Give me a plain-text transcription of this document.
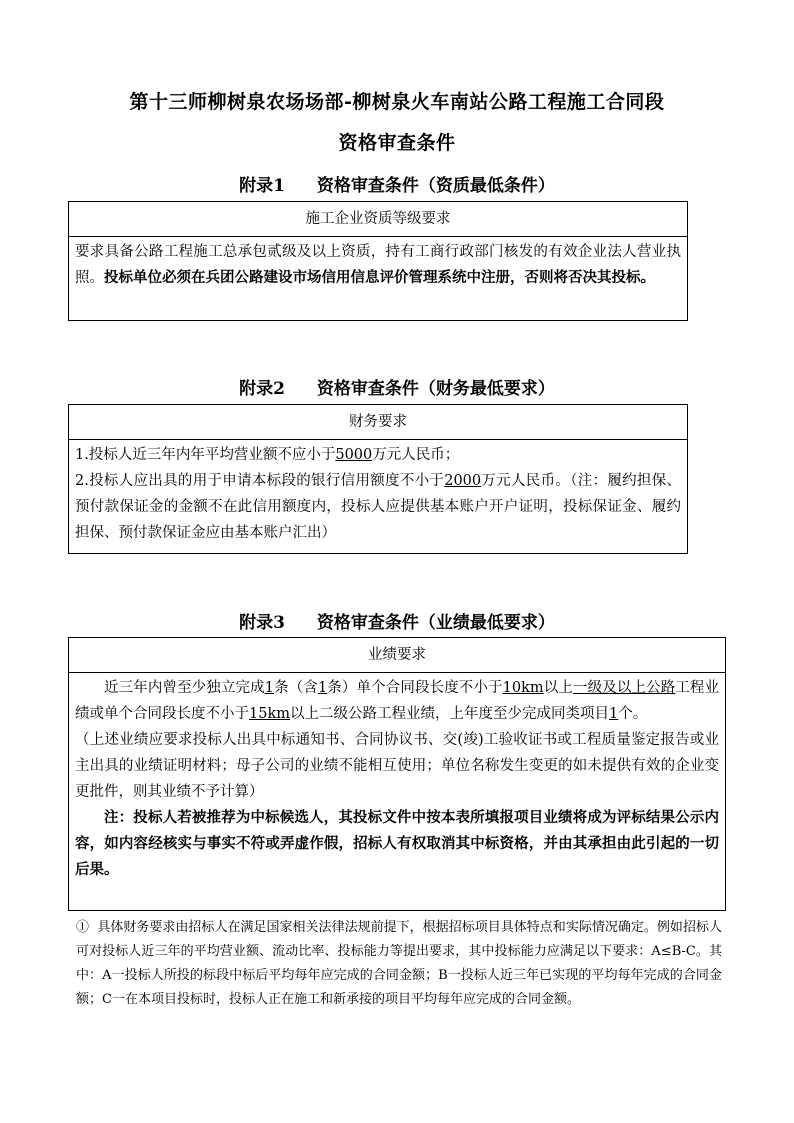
第十三师柳树泉农场场部-柳树泉火车南站公路工程施工合同段
资格审查条件
附录1 资格审查条件（资质最低条件）
施工企业资质等级要求
要求具备公路工程施工总承包贰级及以上资质，持有工商行政部门核发的有效企业法人营业执照。投标单位必须在兵团公路建设市场信用信息评价管理系统中注册，否则将否决其投标。
附录2 资格审查条件（财务最低要求）
财务要求

1.投标人近三年内年平均营业额不应小于5000万元人民币；

2.投标人应出具的用于申请本标段的银行信用额度不小于2000万元人民币。（注：履约担保、预付款保证金的金额不在此信用额度内，投标人应提供基本账户开户证明，投标保证金、履约担保、预付款保证金应由基本账户汇出）

附录3 资格审查条件（业绩最低要求）
业绩要求

近三年内曾至少独立完成1条（含1条）单个合同段长度不小于10km以上一级及以上公路工程业绩或单个合同段长度不小于15km以上二级公路工程业绩，上年度至少完成同类项目1个。

（上述业绩应要求投标人出具中标通知书、合同协议书、交(竣)工验收证书或工程质量鉴定报告或业主出具的业绩证明材料；母子公司的业绩不能相互使用；单位名称发生变更的如未提供有效的企业变更批件，则其业绩不予计算）

注：投标人若被推荐为中标候选人，其投标文件中按本表所填报项目业绩将成为评标结果公示内容，如内容经核实与事实不符或弄虚作假，招标人有权取消其中标资格，并由其承担由此引起的一切后果。

① 具体财务要求由招标人在满足国家相关法律法规前提下，根据招标项目具体特点和实际情况确定。例如招标人可对投标人近三年的平均营业额、流动比率、投标能力等提出要求，其中投标能力应满足以下要求：A≤B-C。其中：A一投标人所投的标段中标后平均每年应完成的合同金额；B一投标人近三年已实现的平均每年完成的合同金额；C一在本项目投标时，投标人正在施工和新承接的项目平均每年应完成的合同金额。
